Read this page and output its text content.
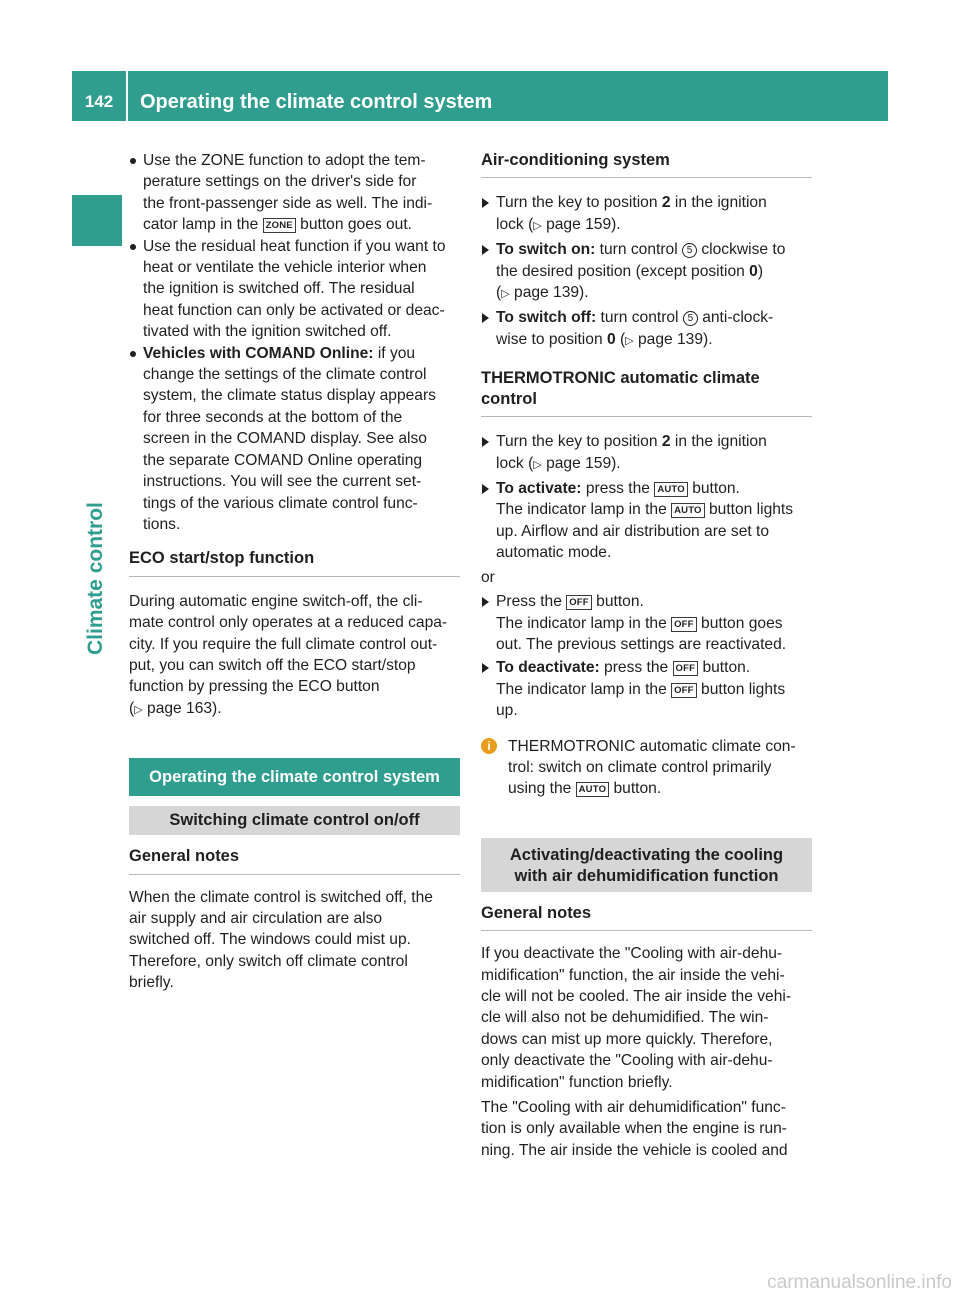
142	Operating the climate control system
Climate control
Use the ZONE function to adopt the tem-
perature settings on the driver's side for
the front-passenger side as well. The indi-
cator lamp in the ZONE button goes out.
Use the residual heat function if you want to
heat or ventilate the vehicle interior when
the ignition is switched off. The residual
heat function can only be activated or deac-
tivated with the ignition switched off.
Vehicles with COMAND Online: if you
change the settings of the climate control
system, the climate status display appears
for three seconds at the bottom of the
screen in the COMAND display. See also
the separate COMAND Online operating
instructions. You will see the current set-
tings of the various climate control func-
tions.
ECO start/stop function
During automatic engine switch-off, the cli-
mate control only operates at a reduced capa-
city. If you require the full climate control out-
put, you can switch off the ECO start/stop
function by pressing the ECO button
(▷ page 163).
Operating the climate control system
Switching climate control on/off
General notes
When the climate control is switched off, the
air supply and air circulation are also
switched off. The windows could mist up.
Therefore, only switch off climate control
briefly.
Air-conditioning system
Turn the key to position 2 in the ignition
lock (▷ page 159).
To switch on: turn control 5 clockwise to
the desired position (except position 0)
(▷ page 139).
To switch off: turn control 5 anti-clock-
wise to position 0 (▷ page 139).
THERMOTRONIC automatic climate
control
Turn the key to position 2 in the ignition
lock (▷ page 159).
To activate: press the AUTO button.
The indicator lamp in the AUTO button lights
up. Airflow and air distribution are set to
automatic mode.
or
Press the OFF button.
The indicator lamp in the OFF button goes
out. The previous settings are reactivated.
To deactivate: press the OFF button.
The indicator lamp in the OFF button lights
up.
i	THERMOTRONIC automatic climate con-
trol: switch on climate control primarily
using the AUTO button.
Activating/deactivating the cooling
with air dehumidification function
General notes
If you deactivate the "Cooling with air-dehu-
midification" function, the air inside the vehi-
cle will not be cooled. The air inside the vehi-
cle will also not be dehumidified. The win-
dows can mist up more quickly. Therefore,
only deactivate the "Cooling with air-dehu-
midification" function briefly.
The "Cooling with air dehumidification" func-
tion is only available when the engine is run-
ning. The air inside the vehicle is cooled and
carmanualsonline.info
